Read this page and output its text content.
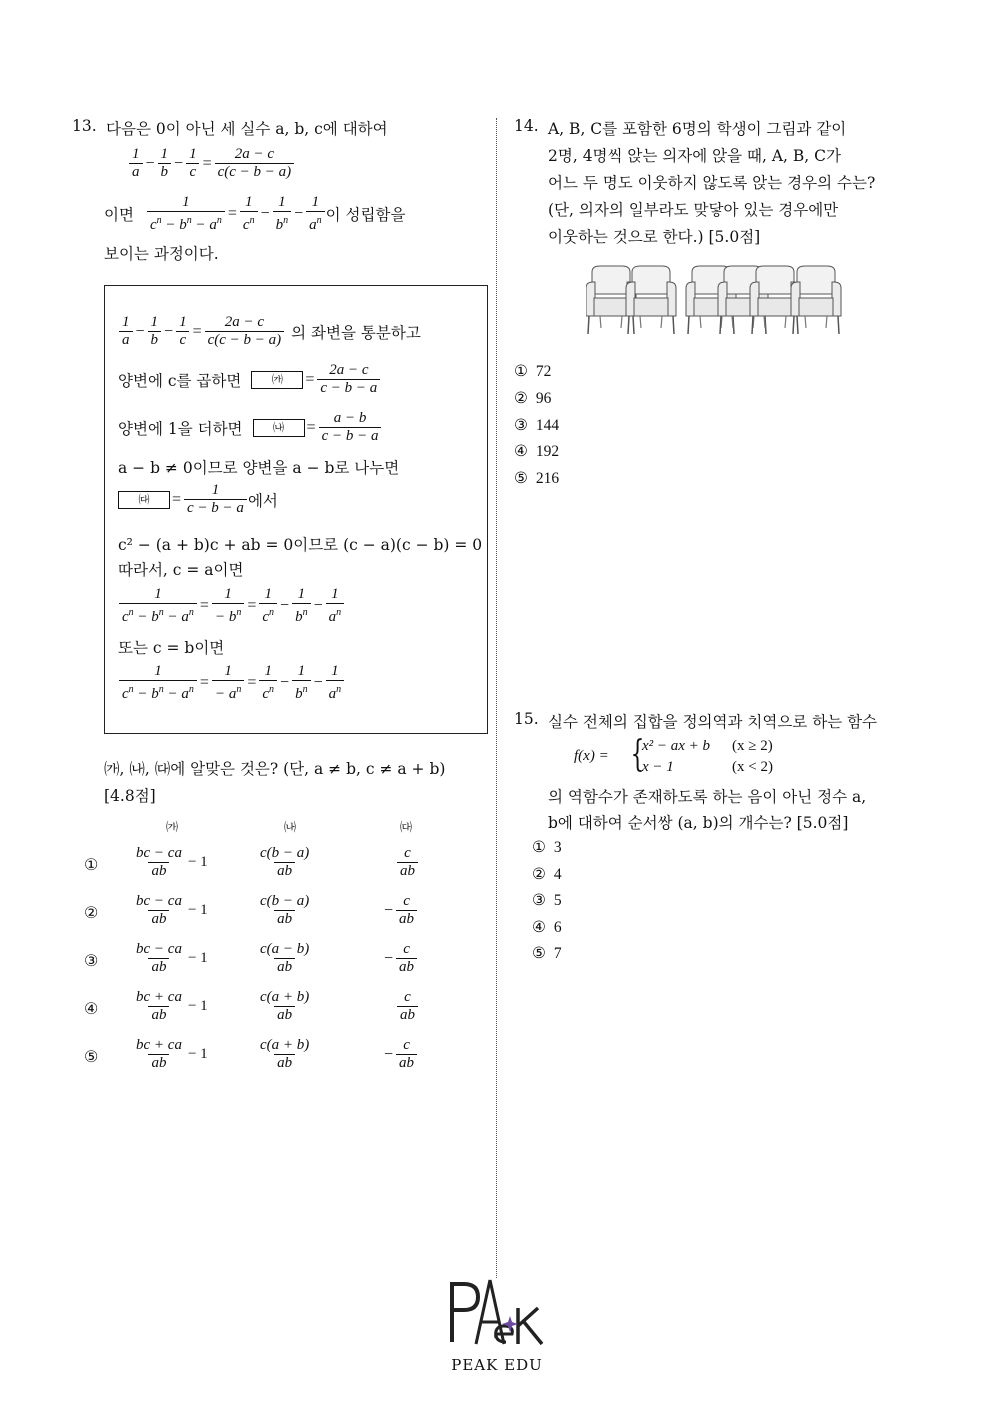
13. 다음은 0이 아닌 세 실수 a, b, c에 대하여
$\frac{1}{a} - \frac{1}{b} - \frac{1}{c} = \frac{2a - c}{c(c - b - a)}$
이면 $\frac{1}{c^n - b^n - a^n} = \frac{1}{c^n} - \frac{1}{b^n} - \frac{1}{a^n}$ 이 성립함을
보이는 과정이다.
$\frac{1}{a} - \frac{1}{b} - \frac{1}{c} = \frac{2a - c}{c(c - b - a)}$ 의 좌변을 통분하고
양변에 c를 곱하면	㈎	= $\frac{2a - c}{c - b - a}$
양변에 1을 더하면	㈏	= $\frac{a - b}{c - b - a}$
a − b ≠ 0이므로 양변을 a − b로 나누면
㈐	= $\frac{1}{c - b - a}$ 에서
c² − (a + b)c + ab = 0이므로 (c − a)(c − b) = 0
따라서, c = a이면
$\frac{1}{c^n - b^n - a^n} = \frac{1}{- b^n} = \frac{1}{c^n} - \frac{1}{b^n} - \frac{1}{a^n}$
또는 c = b이면
$\frac{1}{c^n - b^n - a^n} = \frac{1}{- a^n} = \frac{1}{c^n} - \frac{1}{b^n} - \frac{1}{a^n}$
㈎, ㈏, ㈐에 알맞은 것은? (단, a ≠ b, c ≠ a + b)
[4.8점]
㈎	㈏	㈐
① $\frac{bc - ca}{ab} - 1$	$\frac{c(b - a)}{ab}$	$\frac{c}{ab}$
② $\frac{bc - ca}{ab} - 1$	$\frac{c(b - a)}{ab}$	− $\frac{c}{ab}$
③ $\frac{bc - ca}{ab} - 1$	$\frac{c(a - b)}{ab}$	− $\frac{c}{ab}$
④ $\frac{bc + ca}{ab} - 1$	$\frac{c(a + b)}{ab}$	$\frac{c}{ab}$
⑤ $\frac{bc + ca}{ab} - 1$	$\frac{c(a + b)}{ab}$	− $\frac{c}{ab}$
14. A, B, C를 포함한 6명의 학생이 그림과 같이
2명, 4명씩 앉는 의자에 앉을 때, A, B, C가
어느 두 명도 이웃하지 않도록 앉는 경우의 수는?
(단, 의자의 일부라도 맞닿아 있는 경우에만
이웃하는 것으로 한다.) [5.0점]
① 72
② 96
③ 144
④ 192
⑤ 216
15. 실수 전체의 집합을 정의역과 치역으로 하는 함수
f(x) = {
x² − ax + b (x ≥ 2)
x − 1	(x < 2)
의 역함수가 존재하도록 하는 음이 아닌 정수 a,
b에 대하여 순서쌍 (a, b)의 개수는? [5.0점]
① 3
② 4
③ 5
④ 6
⑤ 7
PEAK EDU
